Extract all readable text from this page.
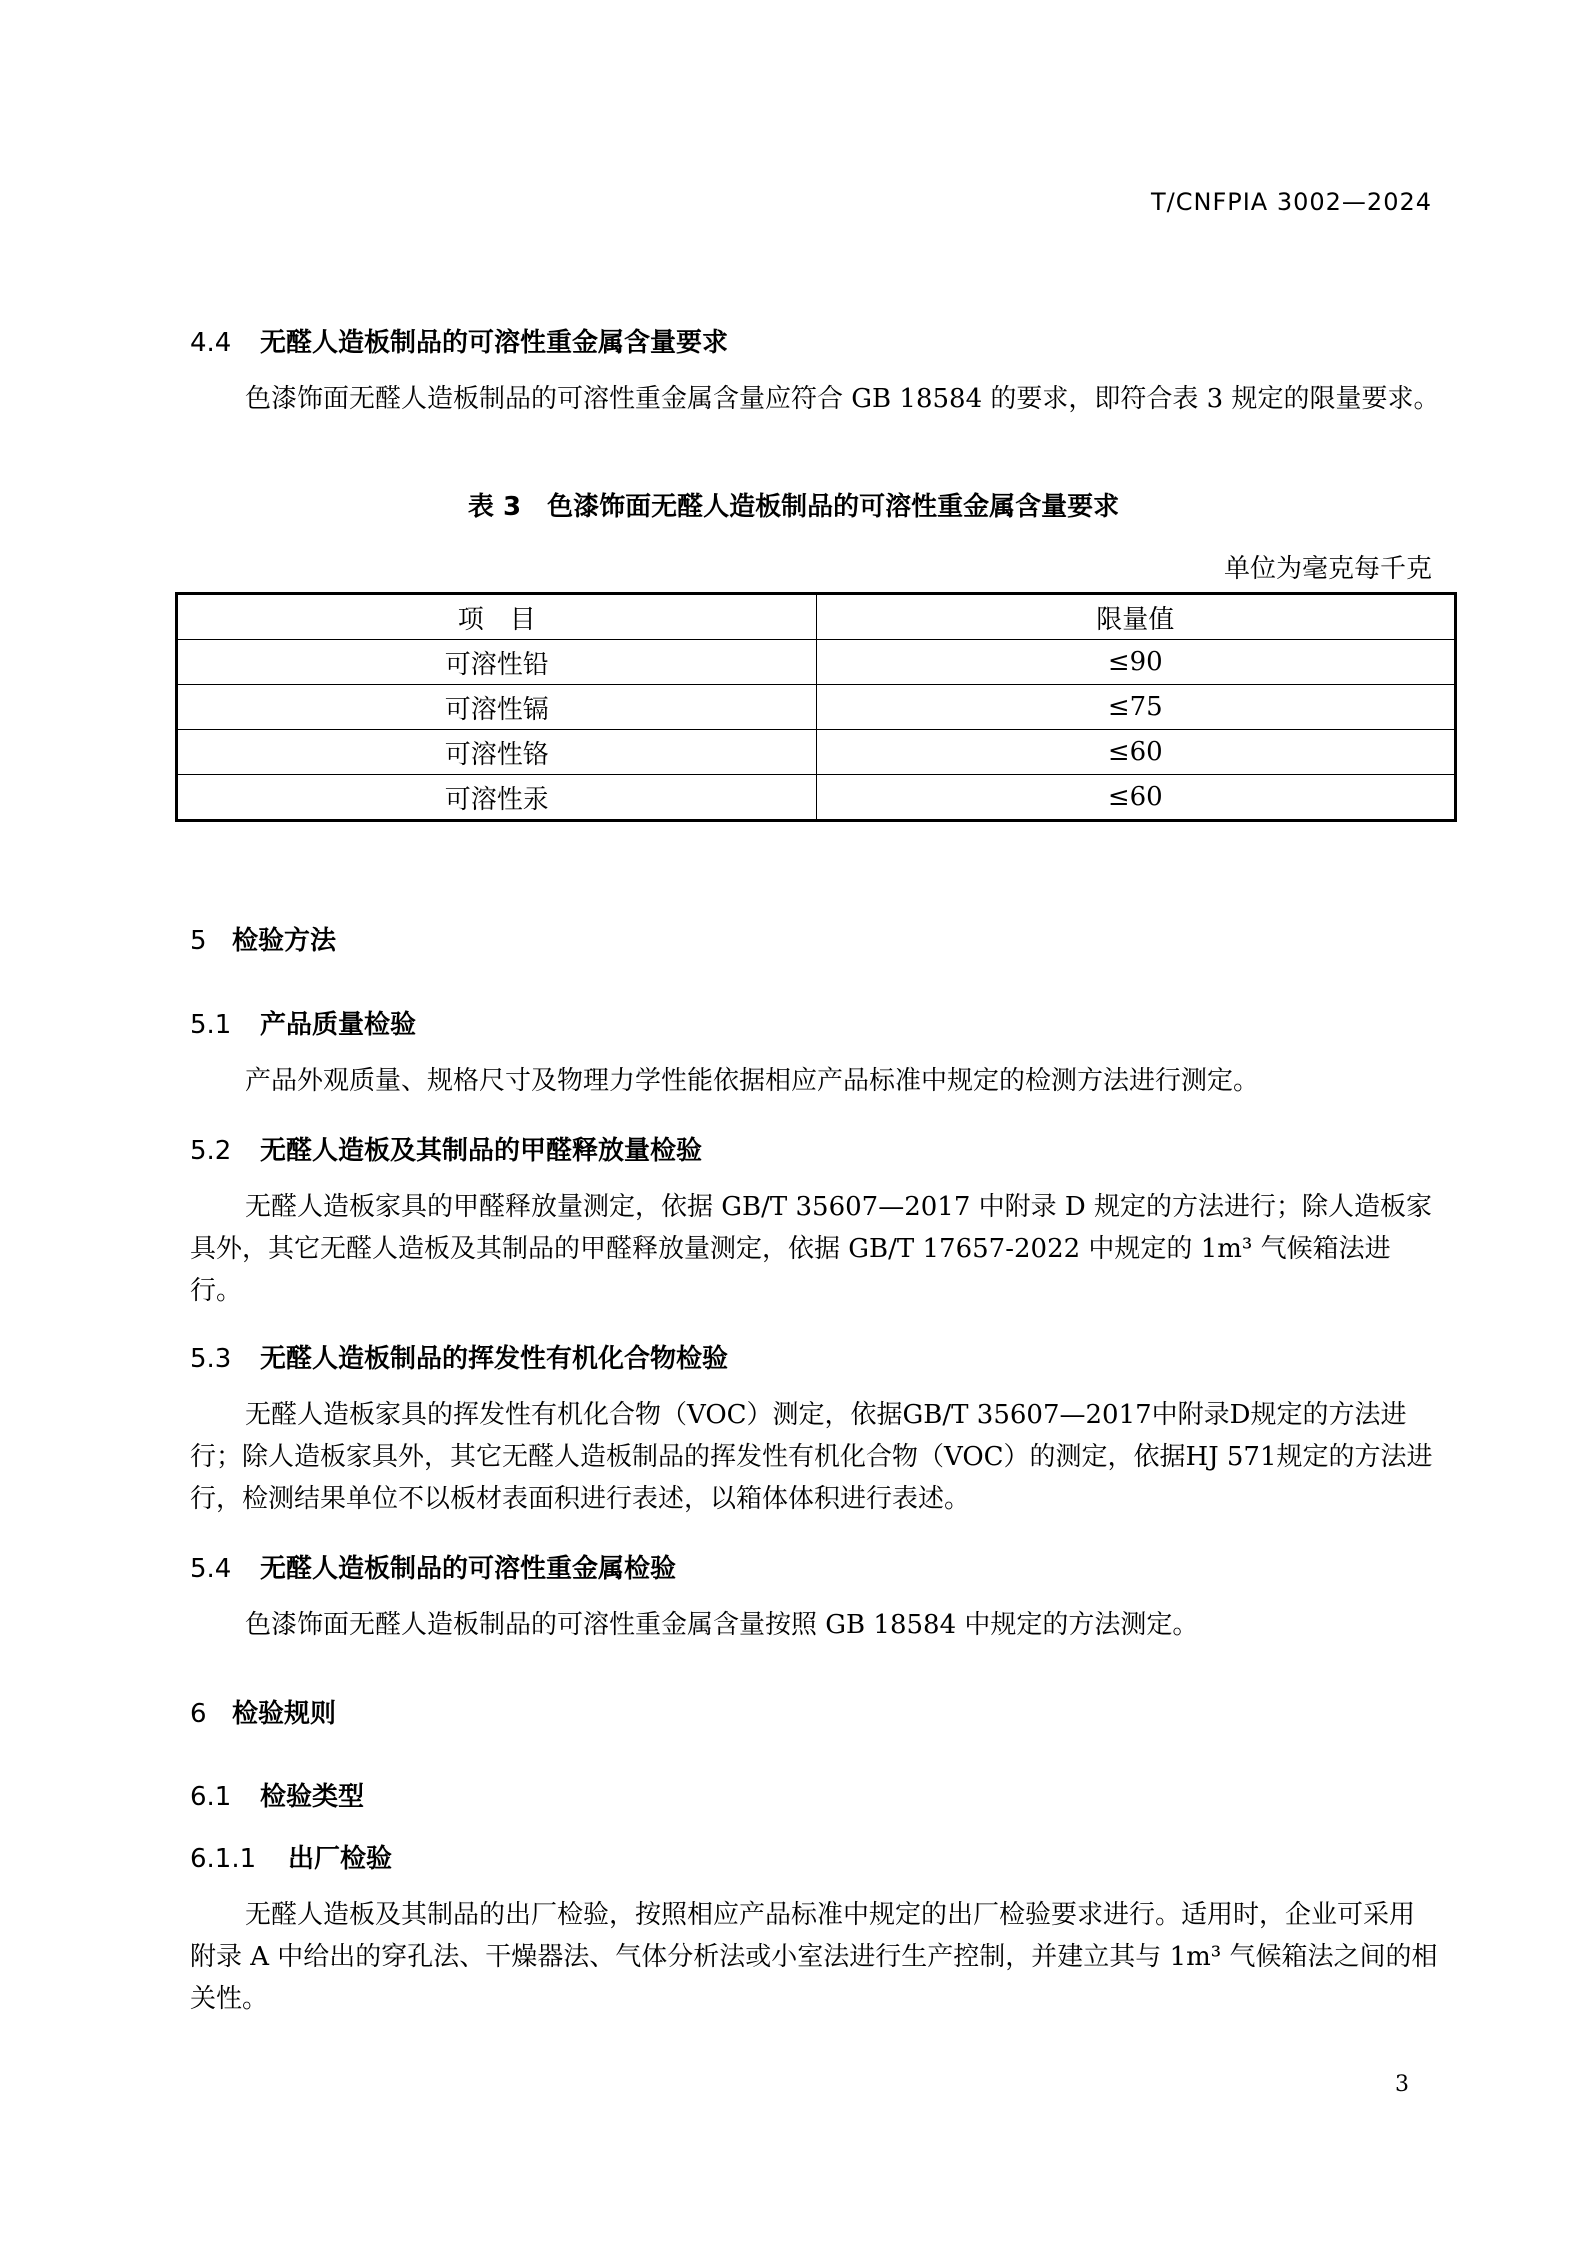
T/CNFPIA 3002—2024
4.4 无醛人造板制品的可溶性重金属含量要求
色漆饰面无醛人造板制品的可溶性重金属含量应符合 GB 18584 的要求，即符合表 3 规定的限量要求。
表 3　色漆饰面无醛人造板制品的可溶性重金属含量要求
单位为毫克每千克
项　目	限量值
可溶性铅	≤90
可溶性镉	≤75
可溶性铬	≤60
可溶性汞	≤60
5 检验方法
5.1 产品质量检验
产品外观质量、规格尺寸及物理力学性能依据相应产品标准中规定的检测方法进行测定。
5.2 无醛人造板及其制品的甲醛释放量检验
无醛人造板家具的甲醛释放量测定，依据 GB/T 35607—2017 中附录 D 规定的方法进行；除人造板家具外，其它无醛人造板及其制品的甲醛释放量测定，依据 GB/T 17657-2022 中规定的 1m³ 气候箱法进行。
5.3 无醛人造板制品的挥发性有机化合物检验
无醛人造板家具的挥发性有机化合物（VOC）测定，依据GB/T 35607—2017中附录D规定的方法进行；除人造板家具外，其它无醛人造板制品的挥发性有机化合物（VOC）的测定，依据HJ 571规定的方法进行，检测结果单位不以板材表面积进行表述，以箱体体积进行表述。
5.4 无醛人造板制品的可溶性重金属检验
色漆饰面无醛人造板制品的可溶性重金属含量按照 GB 18584 中规定的方法测定。
6 检验规则
6.1 检验类型
6.1.1 出厂检验
无醛人造板及其制品的出厂检验，按照相应产品标准中规定的出厂检验要求进行。适用时，企业可采用附录 A 中给出的穿孔法、干燥器法、气体分析法或小室法进行生产控制，并建立其与 1m³ 气候箱法之间的相关性。
3
